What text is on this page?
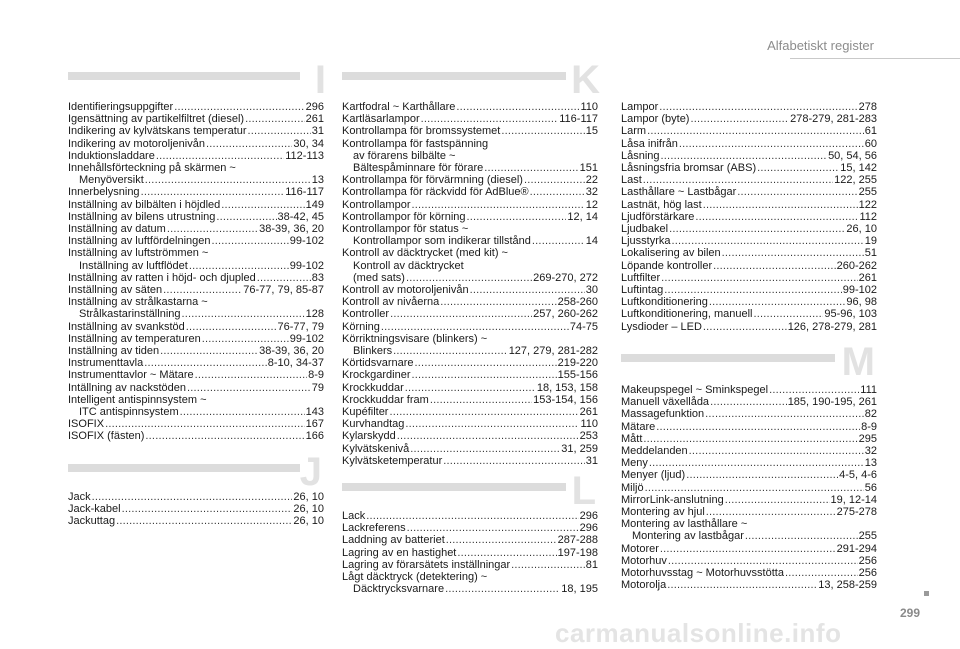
Alfabetiskt register
I
Identifieringsuppgifter .....	296
Igensättning av partikelfiltret (diesel) .....	261
Indikering av kylvätskans temperatur .....	31
Indikering av motoroljenivån .....	30, 34
Induktionsladdare .....	112-113
Innehållsförteckning på skärmen ~
Menyöversikt .....	13
Innerbelysning .....	116-117
Inställning av bilbälten i höjdled .....	149
Inställning av bilens utrustning .....	38-42, 45
Inställning av datum .....	38-39, 36, 20
Inställning av luftfördelningen .....	99-102
Inställning av luftströmmen ~
Inställning av luftflödet .....	99-102
Inställning av ratten i höjd- och djupled .....	83
Inställning av säten .....	76-77, 79, 85-87
Inställning av strålkastarna ~
Strålkastarinställning .....	128
Inställning av svankstöd .....	76-77, 79
Inställning av temperaturen .....	99-102
Inställning av tiden .....	38-39, 36, 20
Instrumenttavla .....	8-10, 34-37
Instrumenttavlor ~ Mätare .....	8-9
Intällning av nackstöden .....	79
Intelligent antispinnsystem ~
ITC antispinnsystem .....	143
ISOFIX .....	167
ISOFIX (fästen) .....	166
J
Jack .....	26, 10
Jack-kabel .....	26, 10
Jackuttag .....	26, 10
K
Kartfodral ~ Karthållare .....	110
Kartläsarlampor .....	116-117
Kontrollampa för bromssystemet .....	15
Kontrollampa för fastspänning
av förarens bilbälte ~
Bältespåminnare för förare .....	151
Kontrollampa för förvärmning (diesel) .....	22
Kontrollampa för räckvidd för AdBlue® .....	32
Kontrollampor .....	12
Kontrollampor för körning .....	12, 14
Kontrollampor för status ~
Kontrollampor som indikerar tillstånd .....	14
Kontroll av däcktrycket (med kit) ~
Kontroll av däcktrycket
(med sats) .....	269-270, 272
Kontroll av motoroljenivån .....	30
Kontroll av nivåerna .....	258-260
Kontroller .....	257, 260-262
Körning .....	74-75
Körriktningsvisare (blinkers) ~
Blinkers .....	127, 279, 281-282
Körtidsvarnare .....	219-220
Krockgardiner .....	155-156
Krockkuddar .....	18, 153, 158
Krockkuddar fram .....	153-154, 156
Kupéfilter .....	261
Kurvhandtag .....	110
Kylarskydd .....	253
Kylvätskenivå .....	31, 259
Kylvätsketemperatur .....	31
L
Lack .....	296
Lackreferens .....	296
Laddning av batteriet .....	287-288
Lagring av en hastighet .....	197-198
Lagring av förarsätets inställningar .....	81
Lågt däcktryck (detektering) ~
Däcktrycksvarnare .....	18, 195
Lampor .....	278
Lampor (byte) .....	278-279, 281-283
Larm .....	61
Låsa inifrån .....	60
Låsning .....	50, 54, 56
Låsningsfria bromsar (ABS) .....	15, 142
Last .....	122, 255
Lasthållare ~ Lastbågar .....	255
Lastnät, hög last .....	122
Ljudförstärkare .....	112
Ljudbakel .....	26, 10
Ljusstyrka .....	19
Lokalisering av bilen .....	51
Löpande kontroller .....	260-262
Luftfilter .....	261
Luftintag .....	99-102
Luftkonditionering .....	96, 98
Luftkonditionering, manuell .....	95-96, 103
Lysdioder – LED .....	126, 278-279, 281
M
Makeupspegel ~ Sminkspegel .....	111
Manuell växellåda .....	185, 190-195, 261
Massagefunktion .....	82
Mätare .....	8-9
Mått .....	295
Meddelanden .....	32
Meny .....	13
Menyer (ljud) .....	4-5, 4-6
Miljö .....	56
MirrorLink-anslutning .....	19, 12-14
Montering av hjul .....	275-278
Montering av lasthållare ~
Montering av lastbågar .....	255
Motorer .....	291-294
Motorhuv .....	256
Motorhuvsstag ~ Motorhuvsstötta .....	256
Motorolja .....	13, 258-259
299
carmanualsonline.info
